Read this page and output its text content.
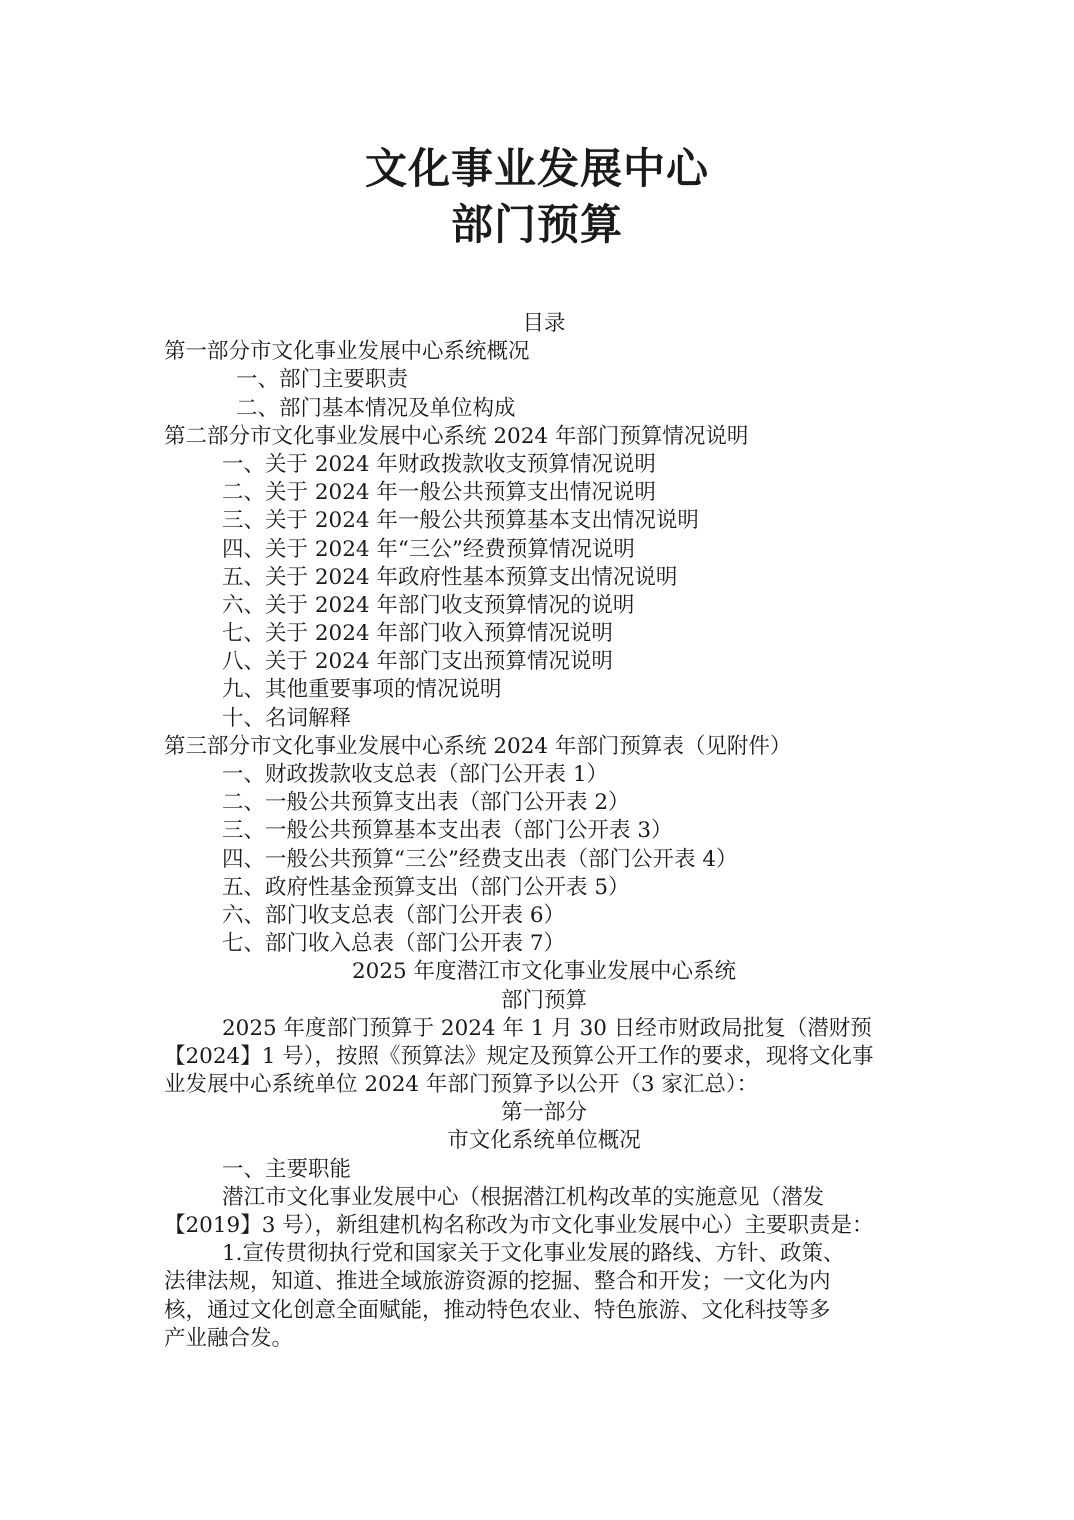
文化事业发展中心
部门预算
目录
第一部分市文化事业发展中心系统概况
一、部门主要职责
二、部门基本情况及单位构成
第二部分市文化事业发展中心系统 2024 年部门预算情况说明
一、关于 2024 年财政拨款收支预算情况说明
二、关于 2024 年一般公共预算支出情况说明
三、关于 2024 年一般公共预算基本支出情况说明
四、关于 2024 年“三公”经费预算情况说明
五、关于 2024 年政府性基本预算支出情况说明
六、关于 2024 年部门收支预算情况的说明
七、关于 2024 年部门收入预算情况说明
八、关于 2024 年部门支出预算情况说明
九、其他重要事项的情况说明
十、名词解释
第三部分市文化事业发展中心系统 2024 年部门预算表（见附件）
一、财政拨款收支总表（部门公开表 1）
二、一般公共预算支出表（部门公开表 2）
三、一般公共预算基本支出表（部门公开表 3）
四、一般公共预算“三公”经费支出表（部门公开表 4）
五、政府性基金预算支出（部门公开表 5）
六、部门收支总表（部门公开表 6）
七、部门收入总表（部门公开表 7）
2025 年度潜江市文化事业发展中心系统
部门预算
2025 年度部门预算于 2024 年 1 月 30 日经市财政局批复（潜财预
【2024】1 号），按照《预算法》规定及预算公开工作的要求，现将文化事
业发展中心系统单位 2024 年部门预算予以公开（3 家汇总）：
第一部分
市文化系统单位概况
一、主要职能
潜江市文化事业发展中心（根据潜江机构改革的实施意见（潜发
【2019】3 号），新组建机构名称改为市文化事业发展中心）主要职责是：
1.宣传贯彻执行党和国家关于文化事业发展的路线、方针、政策、
法律法规，知道、推进全域旅游资源的挖掘、整合和开发；一文化为内
核，通过文化创意全面赋能，推动特色农业、特色旅游、文化科技等多
产业融合发。
